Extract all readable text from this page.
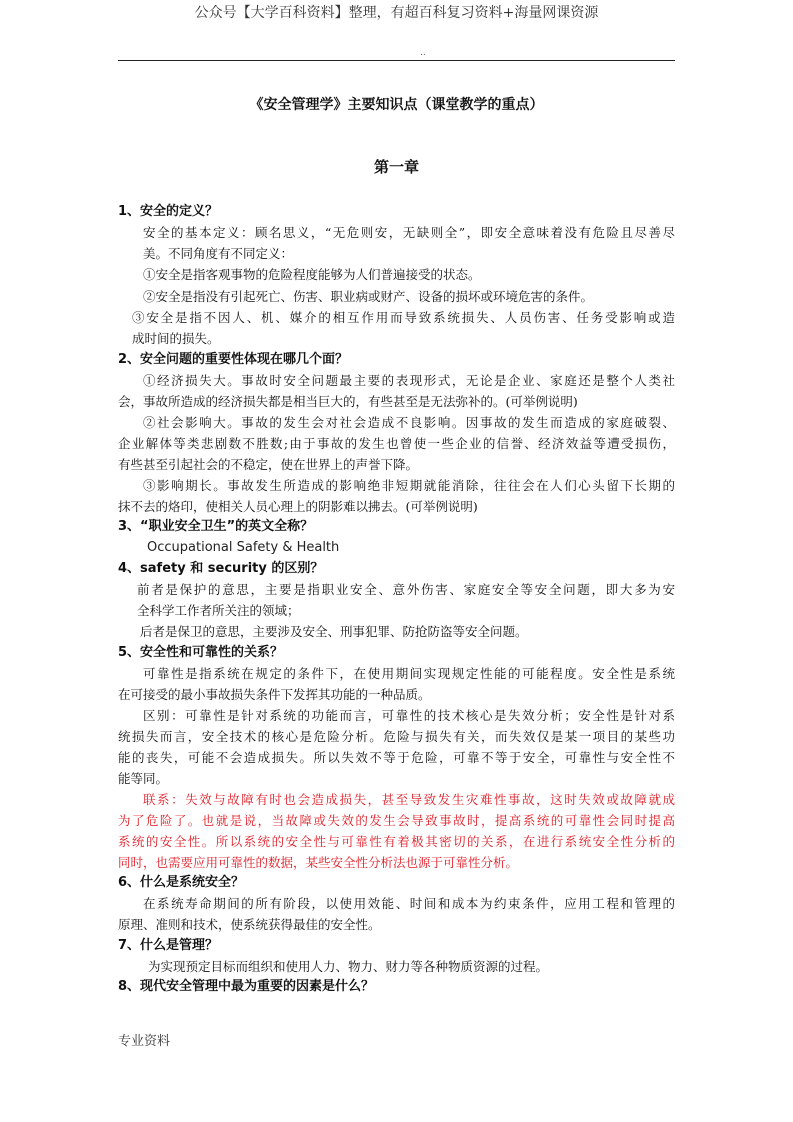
公众号【大学百科资料】整理，有超百科复习资料+海量网课资源
..
《安全管理学》主要知识点（课堂教学的重点）
第一章
1、安全的定义？
安全的基本定义：顾名思义，“无危则安，无缺则全”，即安全意味着没有危险且尽善尽
美。不同角度有不同定义：
①安全是指客观事物的危险程度能够为人们普遍接受的状态。
②安全是指没有引起死亡、伤害、职业病或财产、设备的损坏或环境危害的条件。
③安全是指不因人、机、媒介的相互作用而导致系统损失、人员伤害、任务受影响或造
成时间的损失。
2、安全问题的重要性体现在哪几个面？
①经济损失大。事故时安全问题最主要的表现形式，无论是企业、家庭还是整个人类社
会，事故所造成的经济损失都是相当巨大的，有些甚至是无法弥补的。(可举例说明)
②社会影响大。事故的发生会对社会造成不良影响。因事故的发生而造成的家庭破裂、
企业解体等类悲剧数不胜数;由于事故的发生也曾使一些企业的信誉、经济效益等遭受损伤，
有些甚至引起社会的不稳定，使在世界上的声誉下降。
③影响期长。事故发生所造成的影响绝非短期就能消除，往往会在人们心头留下长期的
抹不去的烙印，使相关人员心理上的阴影难以拂去。(可举例说明)
3、“职业安全卫生”的英文全称？
Occupational Safety & Health
4、safety 和 security 的区别？
前者是保护的意思，主要是指职业安全、意外伤害、家庭安全等安全问题，即大多为安
全科学工作者所关注的领域；
后者是保卫的意思，主要涉及安全、刑事犯罪、防抢防盗等安全问题。
5、安全性和可靠性的关系？
可靠性是指系统在规定的条件下，在使用期间实现规定性能的可能程度。安全性是系统
在可接受的最小事故损失条件下发挥其功能的一种品质。
区别：可靠性是针对系统的功能而言，可靠性的技术核心是失效分析；安全性是针对系
统损失而言，安全技术的核心是危险分析。危险与损失有关，而失效仅是某一项目的某些功
能的丧失，可能不会造成损失。所以失效不等于危险，可靠不等于安全，可靠性与安全性不
能等同。
联系：失效与故障有时也会造成损失，甚至导致发生灾难性事故，这时失效或故障就成
为了危险了。也就是说，当故障或失效的发生会导致事故时，提高系统的可靠性会同时提高
系统的安全性。所以系统的安全性与可靠性有着极其密切的关系，在进行系统安全性分析的
同时，也需要应用可靠性的数据，某些安全性分析法也源于可靠性分析。
6、什么是系统安全？
在系统寿命期间的所有阶段，以使用效能、时间和成本为约束条件，应用工程和管理的
原理、准则和技术，使系统获得最佳的安全性。
7、什么是管理？
为实现预定目标而组织和使用人力、物力、财力等各种物质资源的过程。
8、现代安全管理中最为重要的因素是什么？
专业资料
